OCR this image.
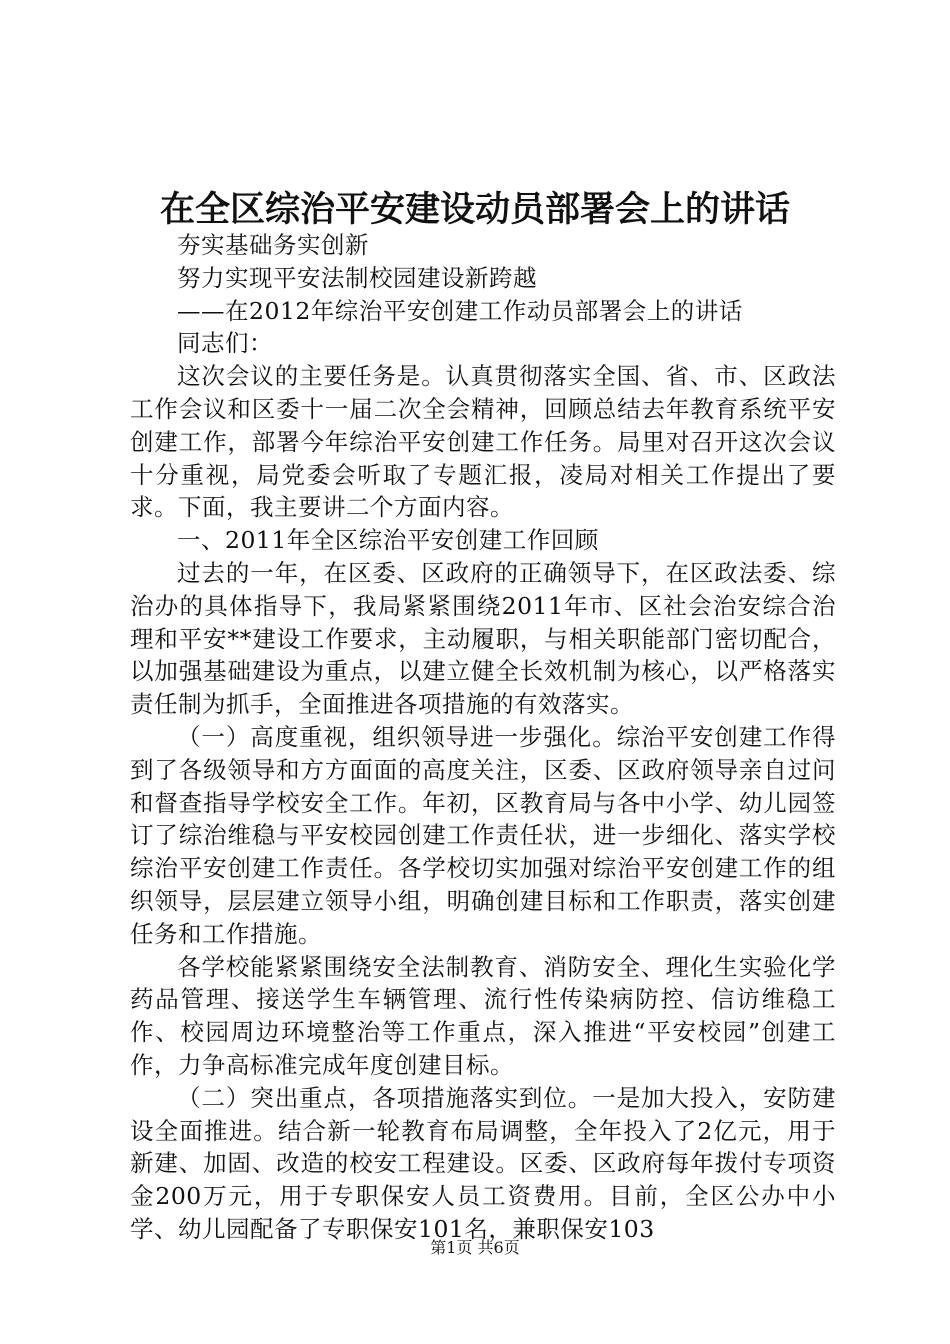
在全区综治平安建设动员部署会上的讲话

夯实基础务实创新

努力实现平安法制校园建设新跨越

——在2012年综治平安创建工作动员部署会上的讲话

同志们：

这次会议的主要任务是。认真贯彻落实全国、省、市、区政法工作会议和区委十一届二次全会精神，回顾总结去年教育系统平安创建工作，部署今年综治平安创建工作任务。局里对召开这次会议十分重视，局党委会听取了专题汇报，凌局对相关工作提出了要求。下面，我主要讲二个方面内容。

一、2011年全区综治平安创建工作回顾

过去的一年，在区委、区政府的正确领导下，在区政法委、综治办的具体指导下，我局紧紧围绕2011年市、区社会治安综合治理和平安**建设工作要求，主动履职，与相关职能部门密切配合，以加强基础建设为重点，以建立健全长效机制为核心，以严格落实责任制为抓手，全面推进各项措施的有效落实。

（一）高度重视，组织领导进一步强化。综治平安创建工作得到了各级领导和方方面面的高度关注，区委、区政府领导亲自过问和督查指导学校安全工作。年初，区教育局与各中小学、幼儿园签订了综治维稳与平安校园创建工作责任状，进一步细化、落实学校综治平安创建工作责任。各学校切实加强对综治平安创建工作的组织领导，层层建立领导小组，明确创建目标和工作职责，落实创建任务和工作措施。

各学校能紧紧围绕安全法制教育、消防安全、理化生实验化学药品管理、接送学生车辆管理、流行性传染病防控、信访维稳工作、校园周边环境整治等工作重点，深入推进“平安校园”创建工作，力争高标准完成年度创建目标。

（二）突出重点，各项措施落实到位。一是加大投入，安防建设全面推进。结合新一轮教育布局调整，全年投入了2亿元，用于新建、加固、改造的校安工程建设。区委、区政府每年拨付专项资金200万元，用于专职保安人员工资费用。目前，全区公办中小学、幼儿园配备了专职保安101名，兼职保安103

第1页 共6页
